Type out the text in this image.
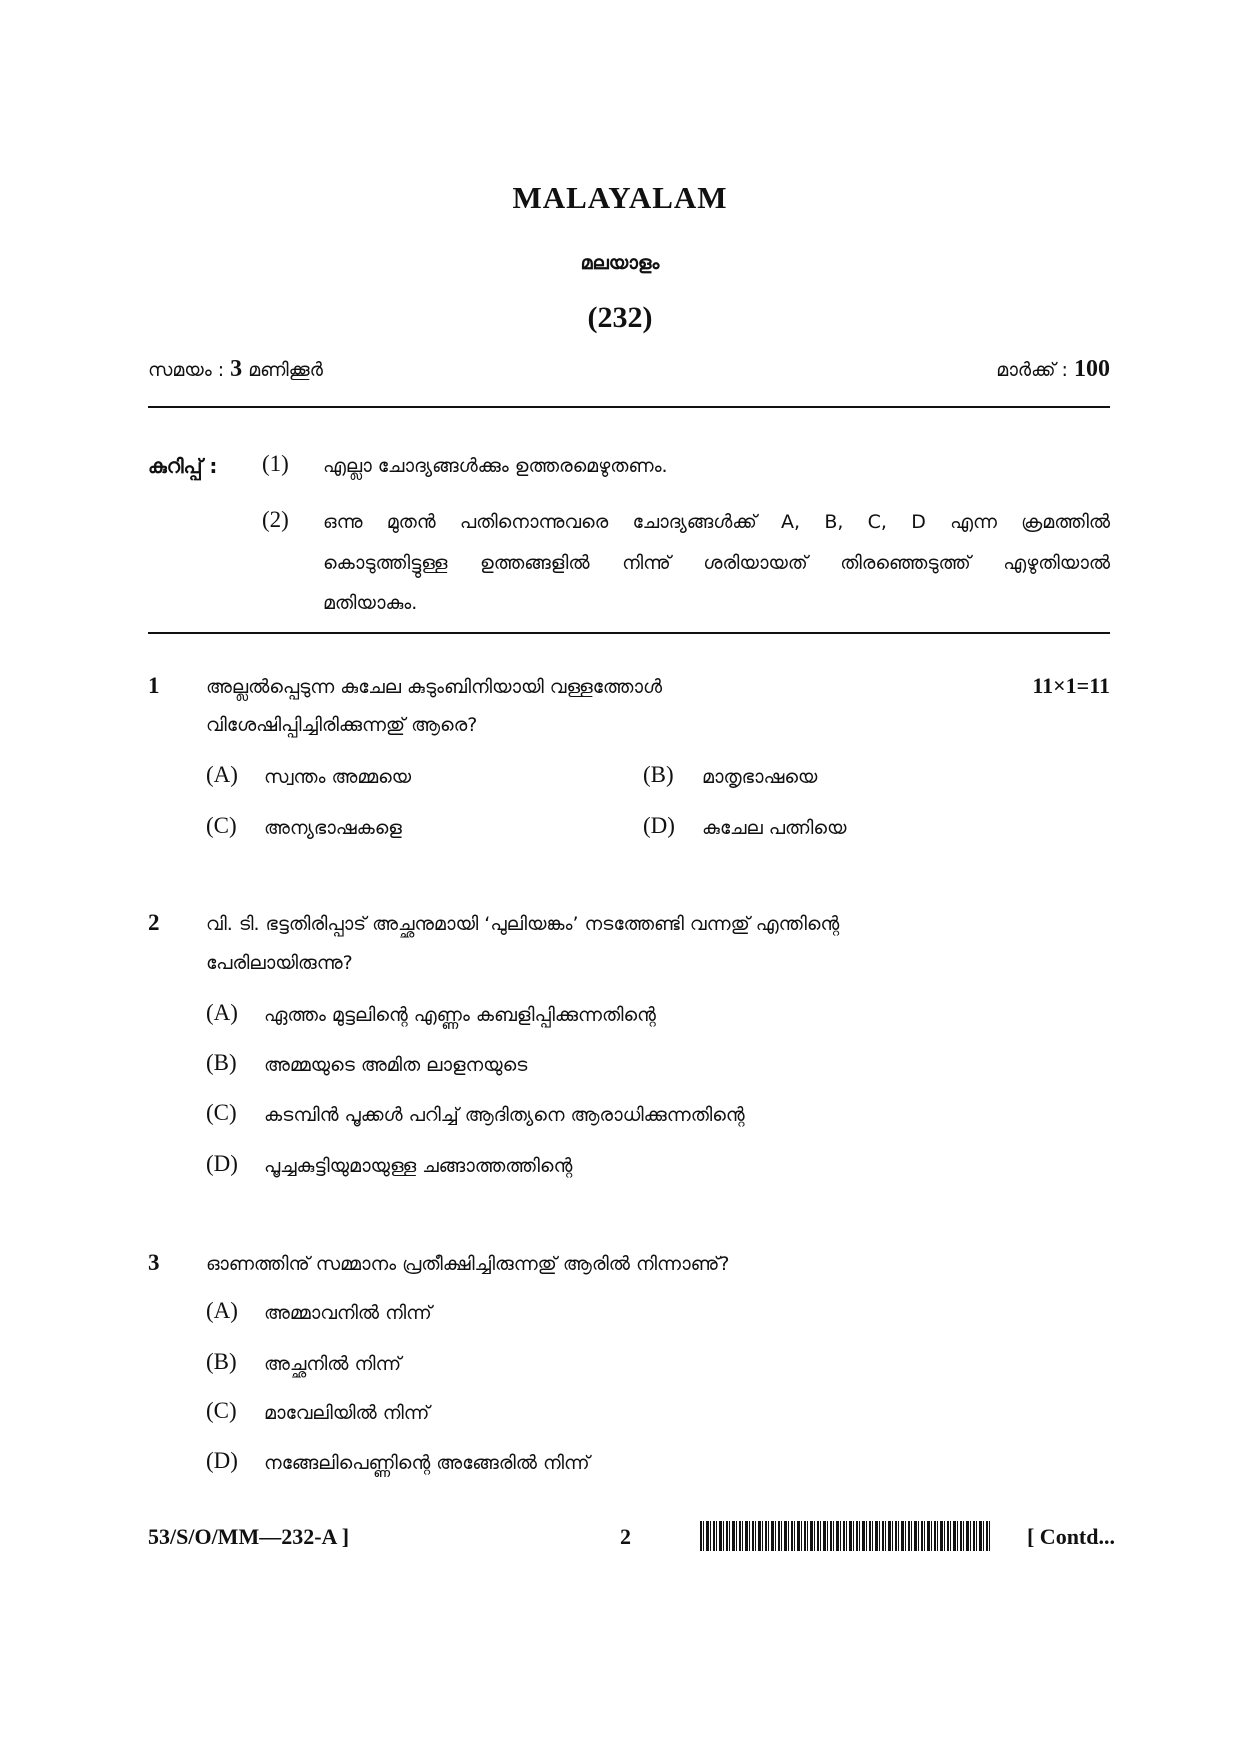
MALAYALAM
മലയാളം
(232)
സമയം : 3 മണിക്കൂർ	മാർക്ക് : 100
കുറിപ്പ് : (1) എല്ലാ ചോദ്യങ്ങൾക്കും ഉത്തരമെഴുതണം.
(2) ഒന്നു മുതൻ പതിനൊന്നുവരെ ചോദ്യങ്ങൾക്ക് A, B, C, D എന്ന ക്രമത്തിൽ
കൊടുത്തിട്ടുള്ള ഉത്തങ്ങളിൽ നിന്നു് ശരിയായത് തിരഞ്ഞെടുത്ത് എഴുതിയാൽ
മതിയാകും.
1 അല്ലൽപ്പെടുന്ന കുചേല കുടുംബിനിയായി വള്ളത്തോൾ
വിശേഷിപ്പിച്ചിരിക്കുന്നതു് ആരെ?
11×1=11
(A) സ്വന്തം അമ്മയെ	(B) മാതൃഭാഷയെ
(C) അന്യഭാഷകളെ	(D) കുചേല പത്നിയെ
2 വി. ടി. ഭട്ടതിരിപ്പാട് അച്ഛനുമായി ‘പുലിയങ്കം’ നടത്തേണ്ടി വന്നതു് എന്തിന്റെ
പേരിലായിരുന്നു?
(A) ഏത്തം മുട്ടലിന്റെ എണ്ണം കബളിപ്പിക്കുന്നതിന്റെ
(B) അമ്മയുടെ അമിത ലാളനയുടെ
(C) കടമ്പിൻ പൂക്കൾ പറിച്ച് ആദിത്യനെ ആരാധിക്കുന്നതിന്റെ
(D) പൂച്ചകുട്ടിയുമായുള്ള ചങ്ങാത്തത്തിന്റെ
3 ഓണത്തിനു് സമ്മാനം പ്രതീക്ഷിച്ചിരുന്നതു് ആരിൽ നിന്നാണു്?
(A) അമ്മാവനിൽ നിന്ന്
(B) അച്ഛനിൽ നിന്ന്
(C) മാവേലിയിൽ നിന്ന്
(D) നങ്ങേലിപെണ്ണിന്റെ അങ്ങേരിൽ നിന്ന്
53/S/O/MM—232-A ]	2	[ Contd...
